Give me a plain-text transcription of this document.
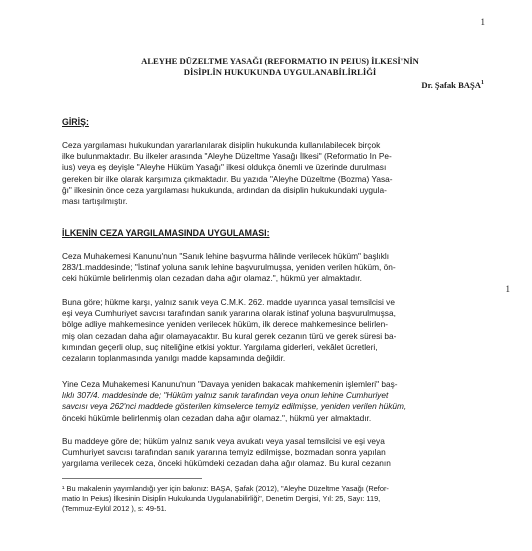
1
1
ALEYHE DÜZELTME YASAĞI (REFORMATIO IN PEIUS) İLKESİ'NİN
DİSİPLİN HUKUKUNDA UYGULANABİLİRLİĞİ
Dr. Şafak BAŞA$^1$
GİRİŞ:
Ceza yargılaması hukukundan yararlanılarak disiplin hukukunda kullanılabilecek birçok
ilke bulunmaktadır. Bu ilkeler arasında "Aleyhe Düzeltme Yasağı İlkesi" (Reformatio In Pe-
ius) veya eş deyişle "Aleyhe Hüküm Yasağı" ilkesi oldukça önemli ve üzerinde durulması
gereken bir ilke olarak karşımıza çıkmaktadır. Bu yazıda "Aleyhe Düzeltme (Bozma) Yasa-
ğı" ilkesinin önce ceza yargılaması hukukunda, ardından da disiplin hukukundaki uygula-
ması tartışılmıştır.
İLKENİN CEZA YARGILAMASINDA UYGULAMASI:
Ceza Muhakemesi Kanunu'nun "Sanık lehine başvurma hâlinde verilecek hüküm" başlıklı
283/1.maddesinde; "İstinaf yoluna sanık lehine başvurulmuşsa, yeniden verilen hüküm, ön-
ceki hükümle belirlenmiş olan cezadan daha ağır olamaz.", hükmü yer almaktadır.
Buna göre; hükme karşı, yalnız sanık veya C.M.K. 262. madde uyarınca yasal temsilcisi ve
eşi veya Cumhuriyet savcısı tarafından sanık yararına olarak istinaf yoluna başvurulmuşsa,
bölge adliye mahkemesince yeniden verilecek hüküm, ilk derece mahkemesince belirlen-
miş olan cezadan daha ağır olamayacaktır. Bu kural gerek cezanın türü ve gerek süresi ba-
kımından geçerli olup, suç niteliğine etkisi yoktur. Yargılama giderleri, vekâlet ücretleri,
cezaların toplanmasında yanılgı madde kapsamında değildir.
Yine Ceza Muhakemesi Kanunu'nun "Davaya yeniden bakacak mahkemenin işlemleri" baş-
lıklı 307/4. maddesinde de; "Hüküm yalnız sanık tarafından veya onun lehine Cumhuriyet
savcısı veya 262'nci maddede gösterilen kimselerce temyiz edilmişse, yeniden verilen hüküm,
önceki hükümle belirlenmiş olan cezadan daha ağır olamaz.", hükmü yer almaktadır.
Bu maddeye göre de; hüküm yalnız sanık veya avukatı veya yasal temsilcisi ve eşi veya
Cumhuriyet savcısı tarafından sanık yararına temyiz edilmişse, bozmadan sonra yapılan
yargılama verilecek ceza, önceki hükümdeki cezadan daha ağır olamaz. Bu kural cezanın
¹ Bu makalenin yayımlandığı yer için bakınız: BAŞA, Şafak (2012), "Aleyhe Düzeltme Yasağı (Refor-
matio In Peius) İlkesinin Disiplin Hukukunda Uygulanabilirliği", Denetim Dergisi, Yıl: 25, Sayı: 119,
(Temmuz-Eylül 2012 ), s: 49-51.
